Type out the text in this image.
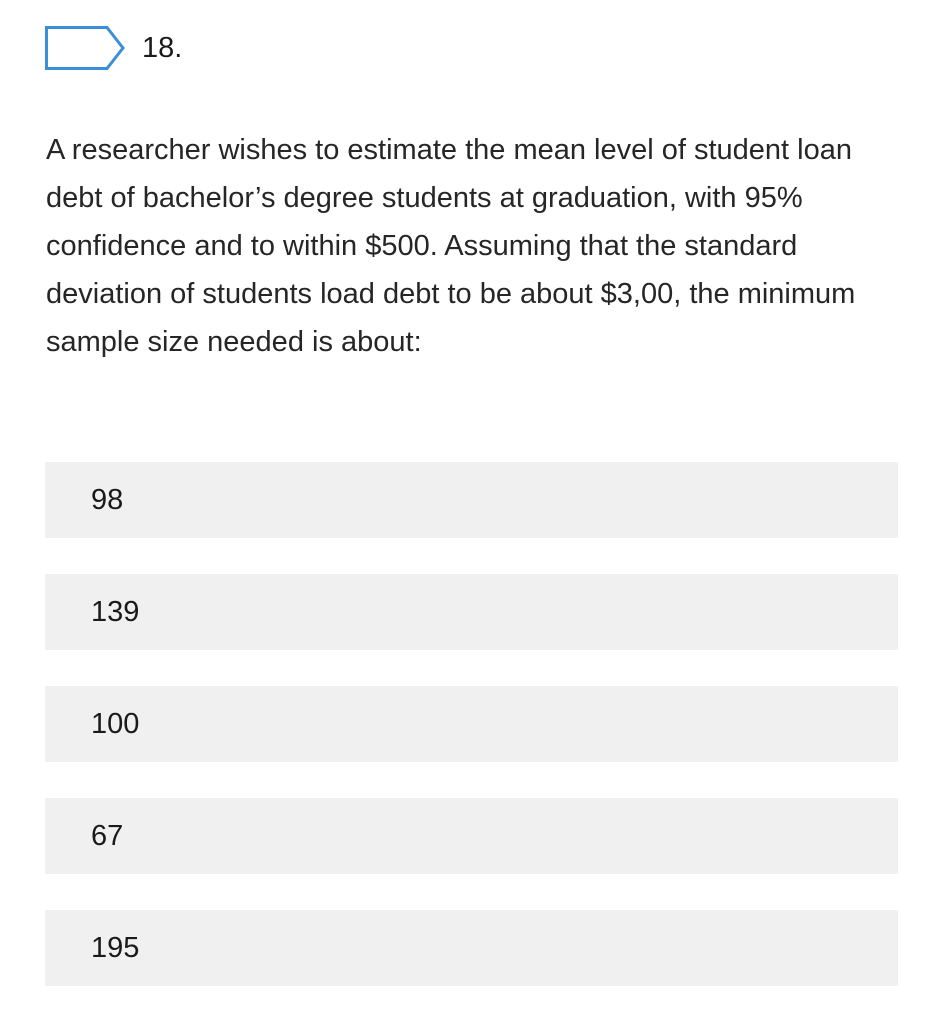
18.

A researcher wishes to estimate the mean level of student loan debt of bachelor’s degree students at graduation, with 95% confidence and to within $500. Assuming that the standard deviation of students load debt to be about $3,00, the minimum sample size needed is about:

98
139
100
67
195
